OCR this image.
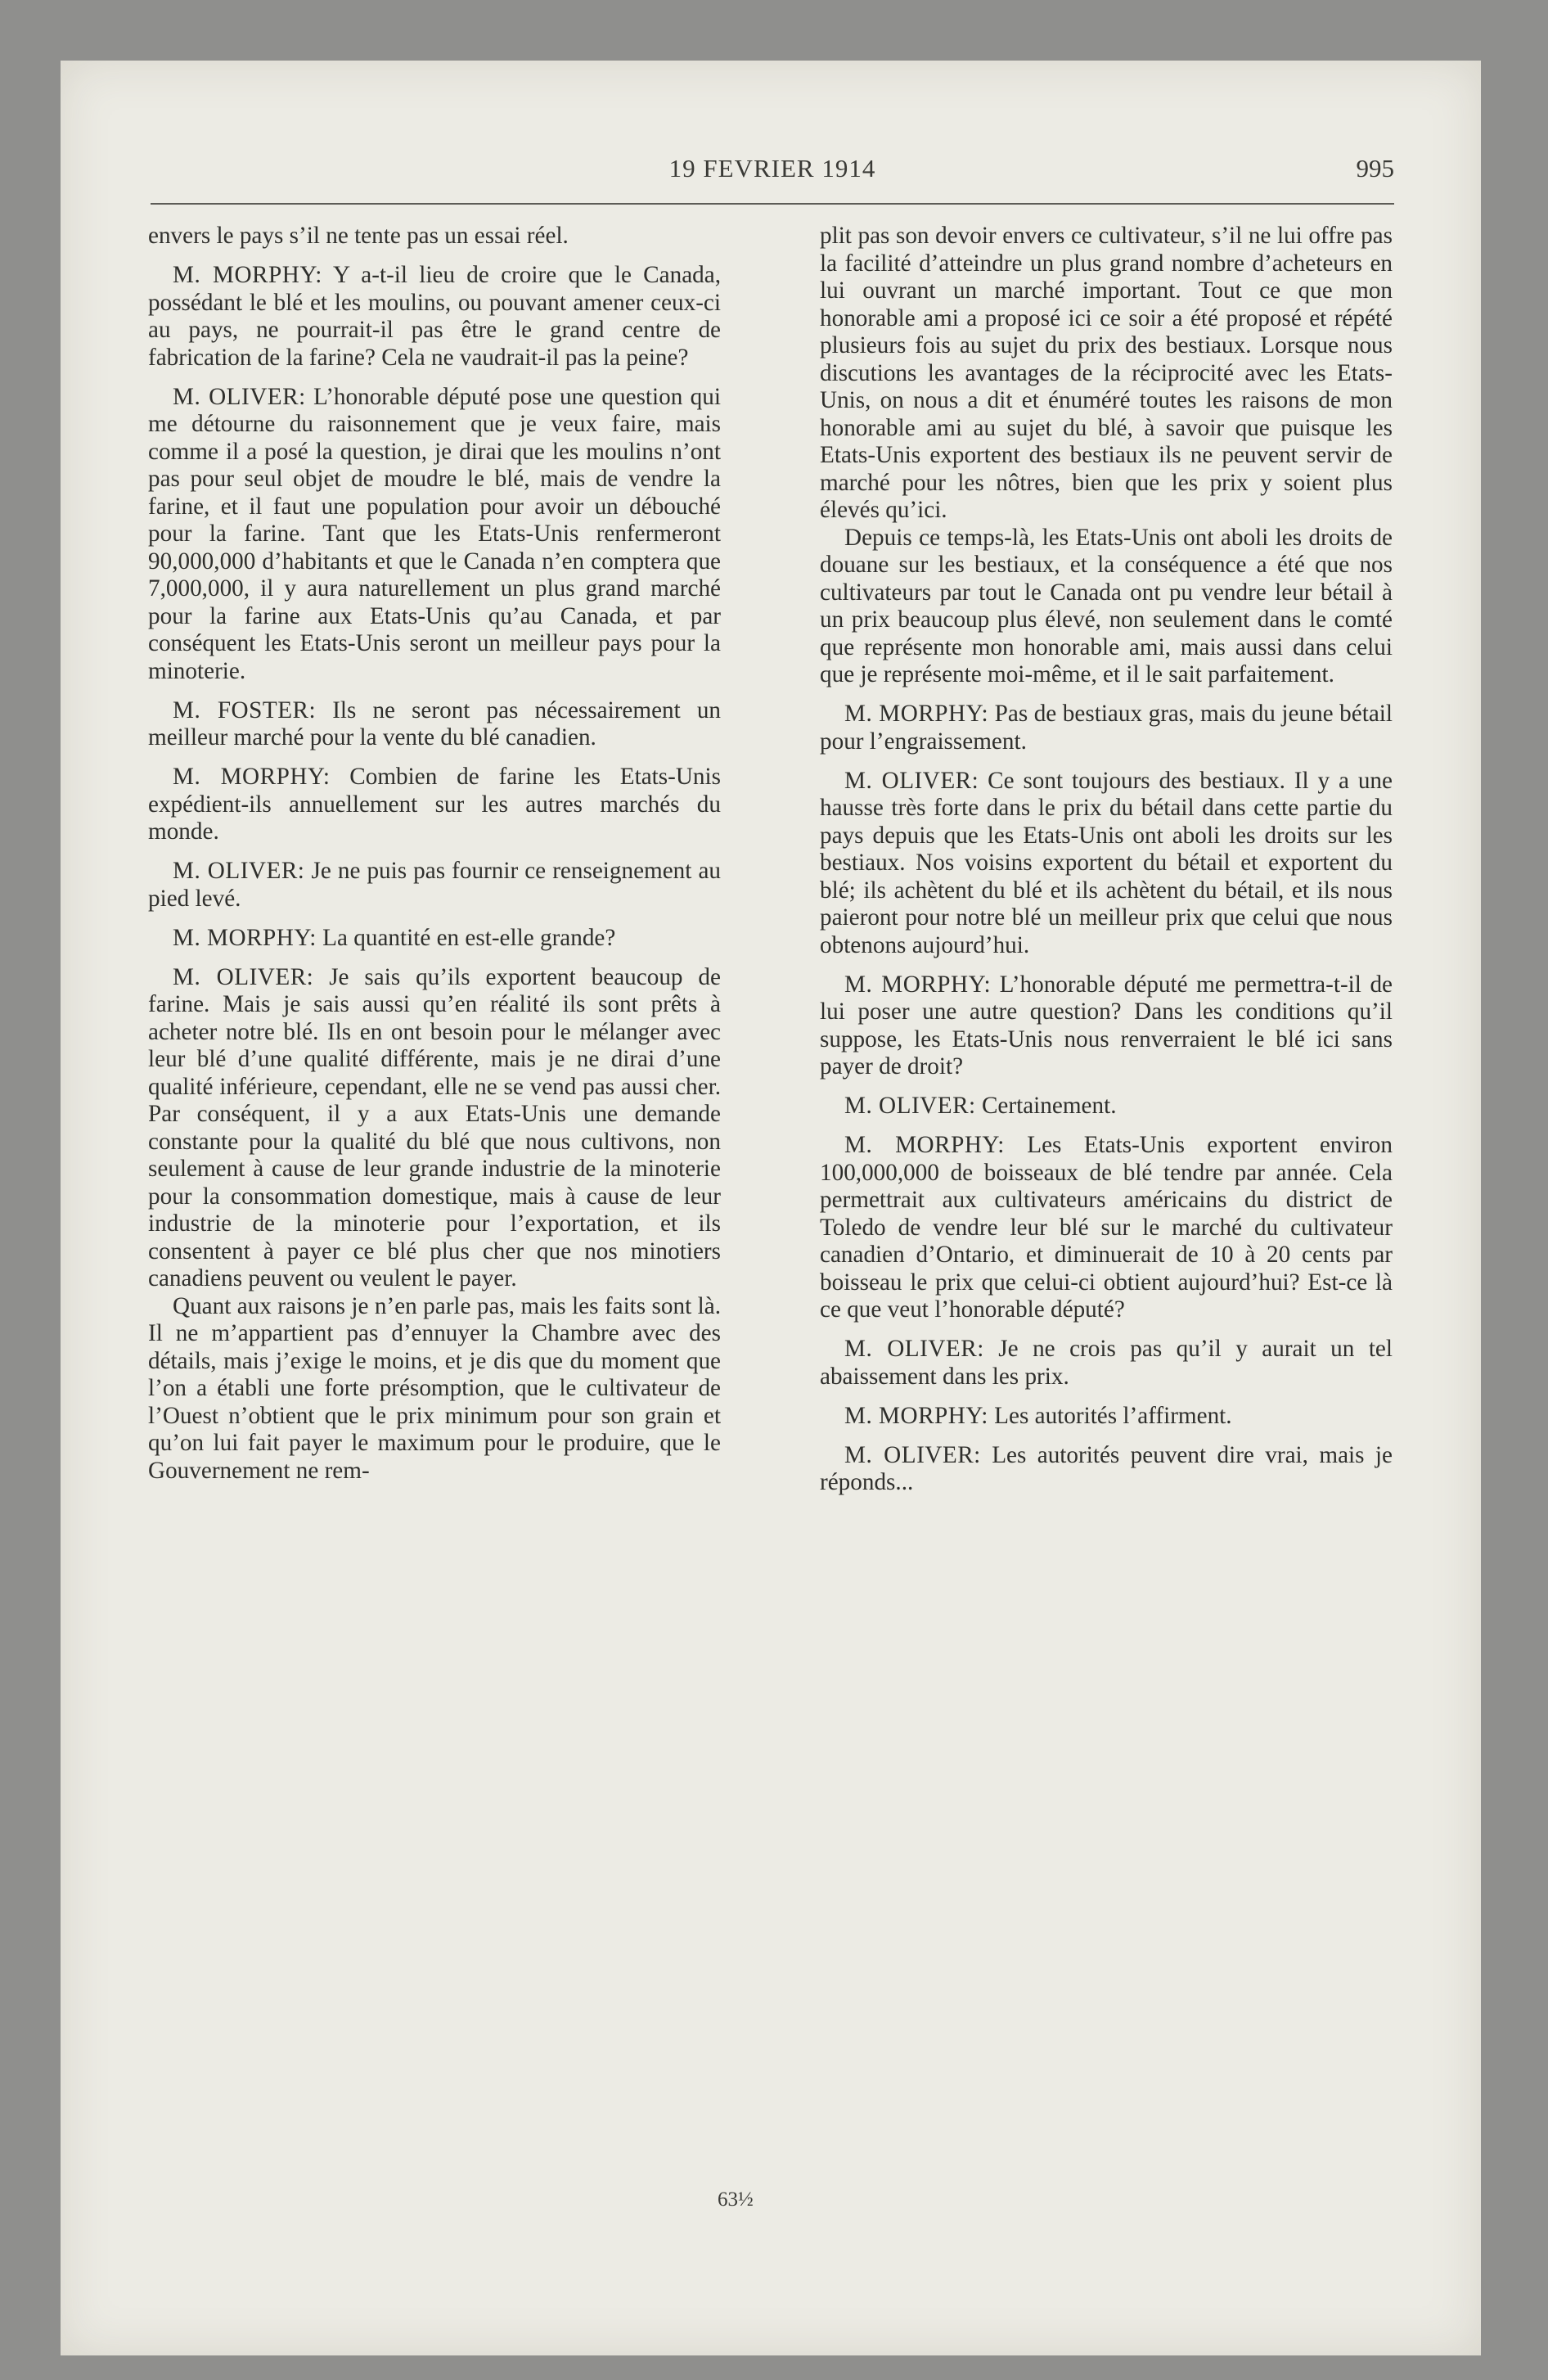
19 FEVRIER 1914	995

envers le pays s’il ne tente pas un essai réel.

M. MORPHY: Y a-t-il lieu de croire que le Canada, possédant le blé et les moulins, ou pouvant amener ceux-ci au pays, ne pourrait-il pas être le grand centre de fabrication de la farine? Cela ne vaudrait-il pas la peine?

M. OLIVER: L’honorable député pose une question qui me détourne du raisonnement que je veux faire, mais comme il a posé la question, je dirai que les moulins n’ont pas pour seul objet de moudre le blé, mais de vendre la farine, et il faut une population pour avoir un débouché pour la farine. Tant que les Etats-Unis renfermeront 90,000,000 d’habitants et que le Canada n’en comptera que 7,000,000, il y aura naturellement un plus grand marché pour la farine aux Etats-Unis qu’au Canada, et par conséquent les Etats-Unis seront un meilleur pays pour la minoterie.

M. FOSTER: Ils ne seront pas nécessairement un meilleur marché pour la vente du blé canadien.

M. MORPHY: Combien de farine les Etats-Unis expédient-ils annuellement sur les autres marchés du monde.

M. OLIVER: Je ne puis pas fournir ce renseignement au pied levé.

M. MORPHY: La quantité en est-elle grande?

M. OLIVER: Je sais qu’ils exportent beaucoup de farine. Mais je sais aussi qu’en réalité ils sont prêts à acheter notre blé. Ils en ont besoin pour le mélanger avec leur blé d’une qualité différente, mais je ne dirai d’une qualité inférieure, cependant, elle ne se vend pas aussi cher. Par conséquent, il y a aux Etats-Unis une demande constante pour la qualité du blé que nous cultivons, non seulement à cause de leur grande industrie de la minoterie pour la consommation domestique, mais à cause de leur industrie de la minoterie pour l’exportation, et ils consentent à payer ce blé plus cher que nos minotiers canadiens peuvent ou veulent le payer.

Quant aux raisons je n’en parle pas, mais les faits sont là. Il ne m’appartient pas d’ennuyer la Chambre avec des détails, mais j’exige le moins, et je dis que du moment que l’on a établi une forte présomption, que le cultivateur de l’Ouest n’obtient que le prix minimum pour son grain et qu’on lui fait payer le maximum pour le produire, que le Gouvernement ne rem-

plit pas son devoir envers ce cultivateur, s’il ne lui offre pas la facilité d’atteindre un plus grand nombre d’acheteurs en lui ouvrant un marché important. Tout ce que mon honorable ami a proposé ici ce soir a été proposé et répété plusieurs fois au sujet du prix des bestiaux. Lorsque nous discutions les avantages de la réciprocité avec les Etats-Unis, on nous a dit et énuméré toutes les raisons de mon honorable ami au sujet du blé, à savoir que puisque les Etats-Unis exportent des bestiaux ils ne peuvent servir de marché pour les nôtres, bien que les prix y soient plus élevés qu’ici.

Depuis ce temps-là, les Etats-Unis ont aboli les droits de douane sur les bestiaux, et la conséquence a été que nos cultivateurs par tout le Canada ont pu vendre leur bétail à un prix beaucoup plus élevé, non seulement dans le comté que représente mon honorable ami, mais aussi dans celui que je représente moi-même, et il le sait parfaitement.

M. MORPHY: Pas de bestiaux gras, mais du jeune bétail pour l’engraissement.

M. OLIVER: Ce sont toujours des bestiaux. Il y a une hausse très forte dans le prix du bétail dans cette partie du pays depuis que les Etats-Unis ont aboli les droits sur les bestiaux. Nos voisins exportent du bétail et exportent du blé; ils achètent du blé et ils achètent du bétail, et ils nous paieront pour notre blé un meilleur prix que celui que nous obtenons aujourd’hui.

M. MORPHY: L’honorable député me permettra-t-il de lui poser une autre question? Dans les conditions qu’il suppose, les Etats-Unis nous renverraient le blé ici sans payer de droit?

M. OLIVER: Certainement.

M. MORPHY: Les Etats-Unis exportent environ 100,000,000 de boisseaux de blé tendre par année. Cela permettrait aux cultivateurs américains du district de Toledo de vendre leur blé sur le marché du cultivateur canadien d’Ontario, et diminuerait de 10 à 20 cents par boisseau le prix que celui-ci obtient aujourd’hui? Est-ce là ce que veut l’honorable député?

M. OLIVER: Je ne crois pas qu’il y aurait un tel abaissement dans les prix.

M. MORPHY: Les autorités l’affirment.

M. OLIVER: Les autorités peuvent dire vrai, mais je réponds...

63½
